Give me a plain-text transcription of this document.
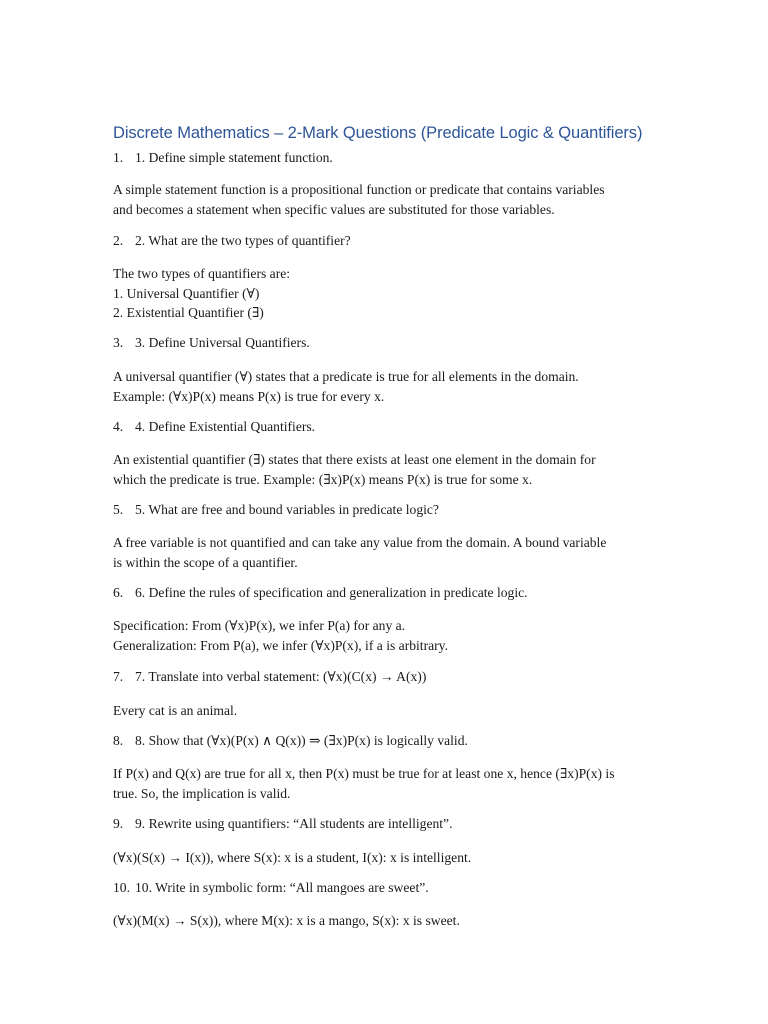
Discrete Mathematics – 2-Mark Questions (Predicate Logic & Quantifiers)
1. 1. Define simple statement function.
A simple statement function is a propositional function or predicate that contains variables
and becomes a statement when specific values are substituted for those variables.
2. 2. What are the two types of quantifier?
The two types of quantifiers are:
1. Universal Quantifier (∀)
2. Existential Quantifier (∃)
3. 3. Define Universal Quantifiers.
A universal quantifier (∀) states that a predicate is true for all elements in the domain.
Example: (∀x)P(x) means P(x) is true for every x.
4. 4. Define Existential Quantifiers.
An existential quantifier (∃) states that there exists at least one element in the domain for
which the predicate is true. Example: (∃x)P(x) means P(x) is true for some x.
5. 5. What are free and bound variables in predicate logic?
A free variable is not quantified and can take any value from the domain. A bound variable
is within the scope of a quantifier.
6. 6. Define the rules of specification and generalization in predicate logic.
Specification: From (∀x)P(x), we infer P(a) for any a.
Generalization: From P(a), we infer (∀x)P(x), if a is arbitrary.
7. 7. Translate into verbal statement: (∀x)(C(x) → A(x))
Every cat is an animal.
8. 8. Show that (∀x)(P(x) ∧ Q(x)) ⇒ (∃x)P(x) is logically valid.
If P(x) and Q(x) are true for all x, then P(x) must be true for at least one x, hence (∃x)P(x) is
true. So, the implication is valid.
9. 9. Rewrite using quantifiers: “All students are intelligent”.
(∀x)(S(x) → I(x)), where S(x): x is a student, I(x): x is intelligent.
10. 10. Write in symbolic form: “All mangoes are sweet”.
(∀x)(M(x) → S(x)), where M(x): x is a mango, S(x): x is sweet.
